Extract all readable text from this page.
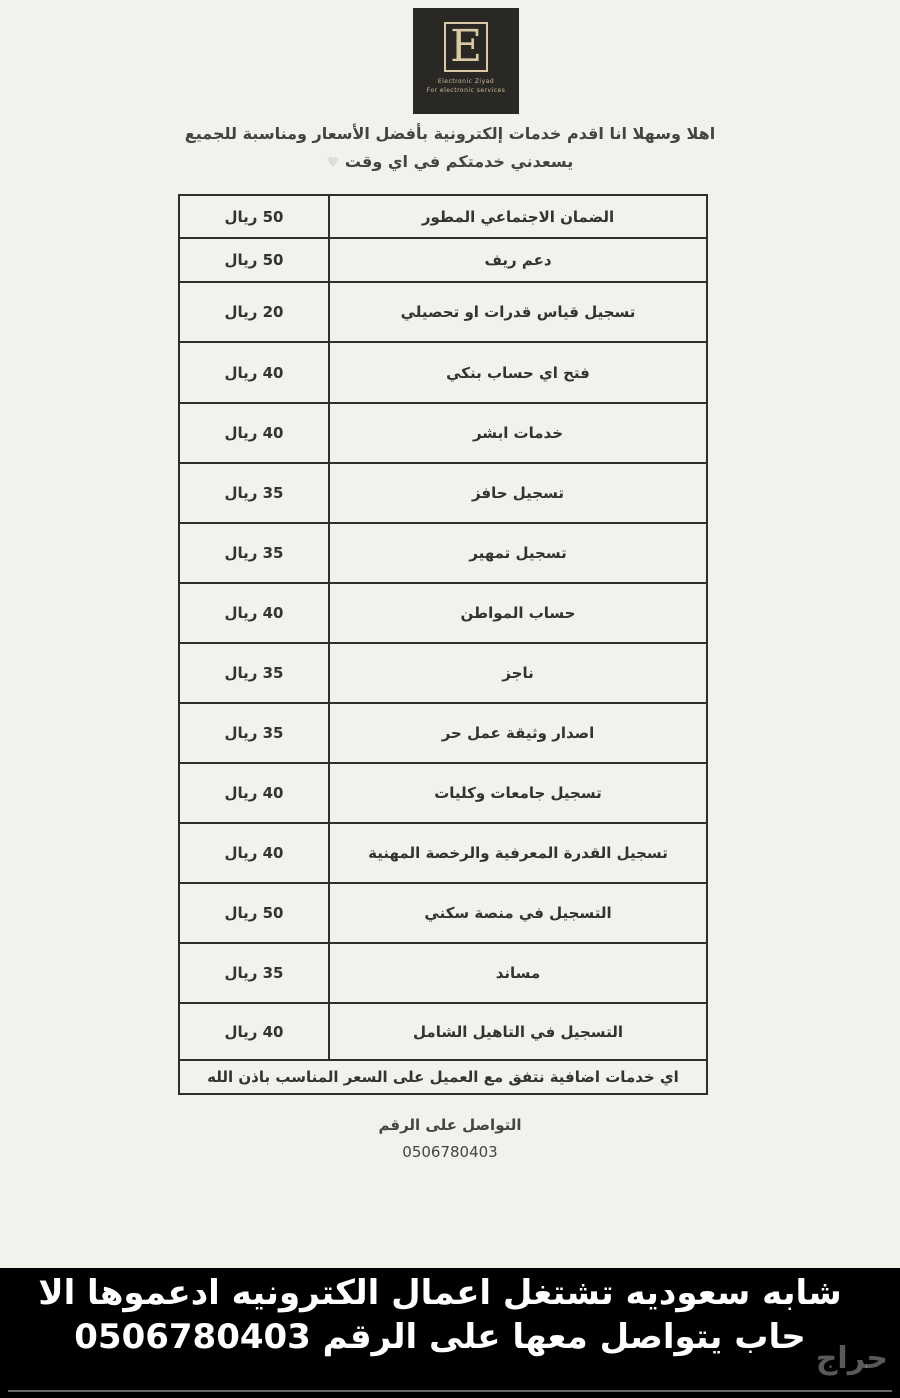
E
Electronic Ziyad
For electronic services
اهلا وسهلا انا اقدم خدمات إلكترونية بأفضل الأسعار ومناسبة للجميع
يسعدني خدمتكم في اي وقت ♥
50 ريال	الضمان الاجتماعي المطور
50 ريال	دعم ريف
20 ريال	تسجيل قياس قدرات او تحصيلي
40 ريال	فتح اي حساب بنكي
40 ريال	خدمات ابشر
35 ريال	تسجيل حافز
35 ريال	تسجيل تمهير
40 ريال	حساب المواطن
35 ريال	ناجز
35 ريال	اصدار وثيقة عمل حر
40 ريال	تسجيل جامعات وكليات
40 ريال	تسجيل القدرة المعرفية والرخصة المهنية
50 ريال	التسجيل في منصة سكني
35 ريال	مساند
40 ريال	التسجيل في التاهيل الشامل
اي خدمات اضافية نتفق مع العميل على السعر المناسب باذن الله	
التواصل على الرقم
0506780403
شابه سعوديه تشتغل اعمال الكترونيه ادعموها الا
حاب يتواصل معها على الرقم 0506780403
حراج
